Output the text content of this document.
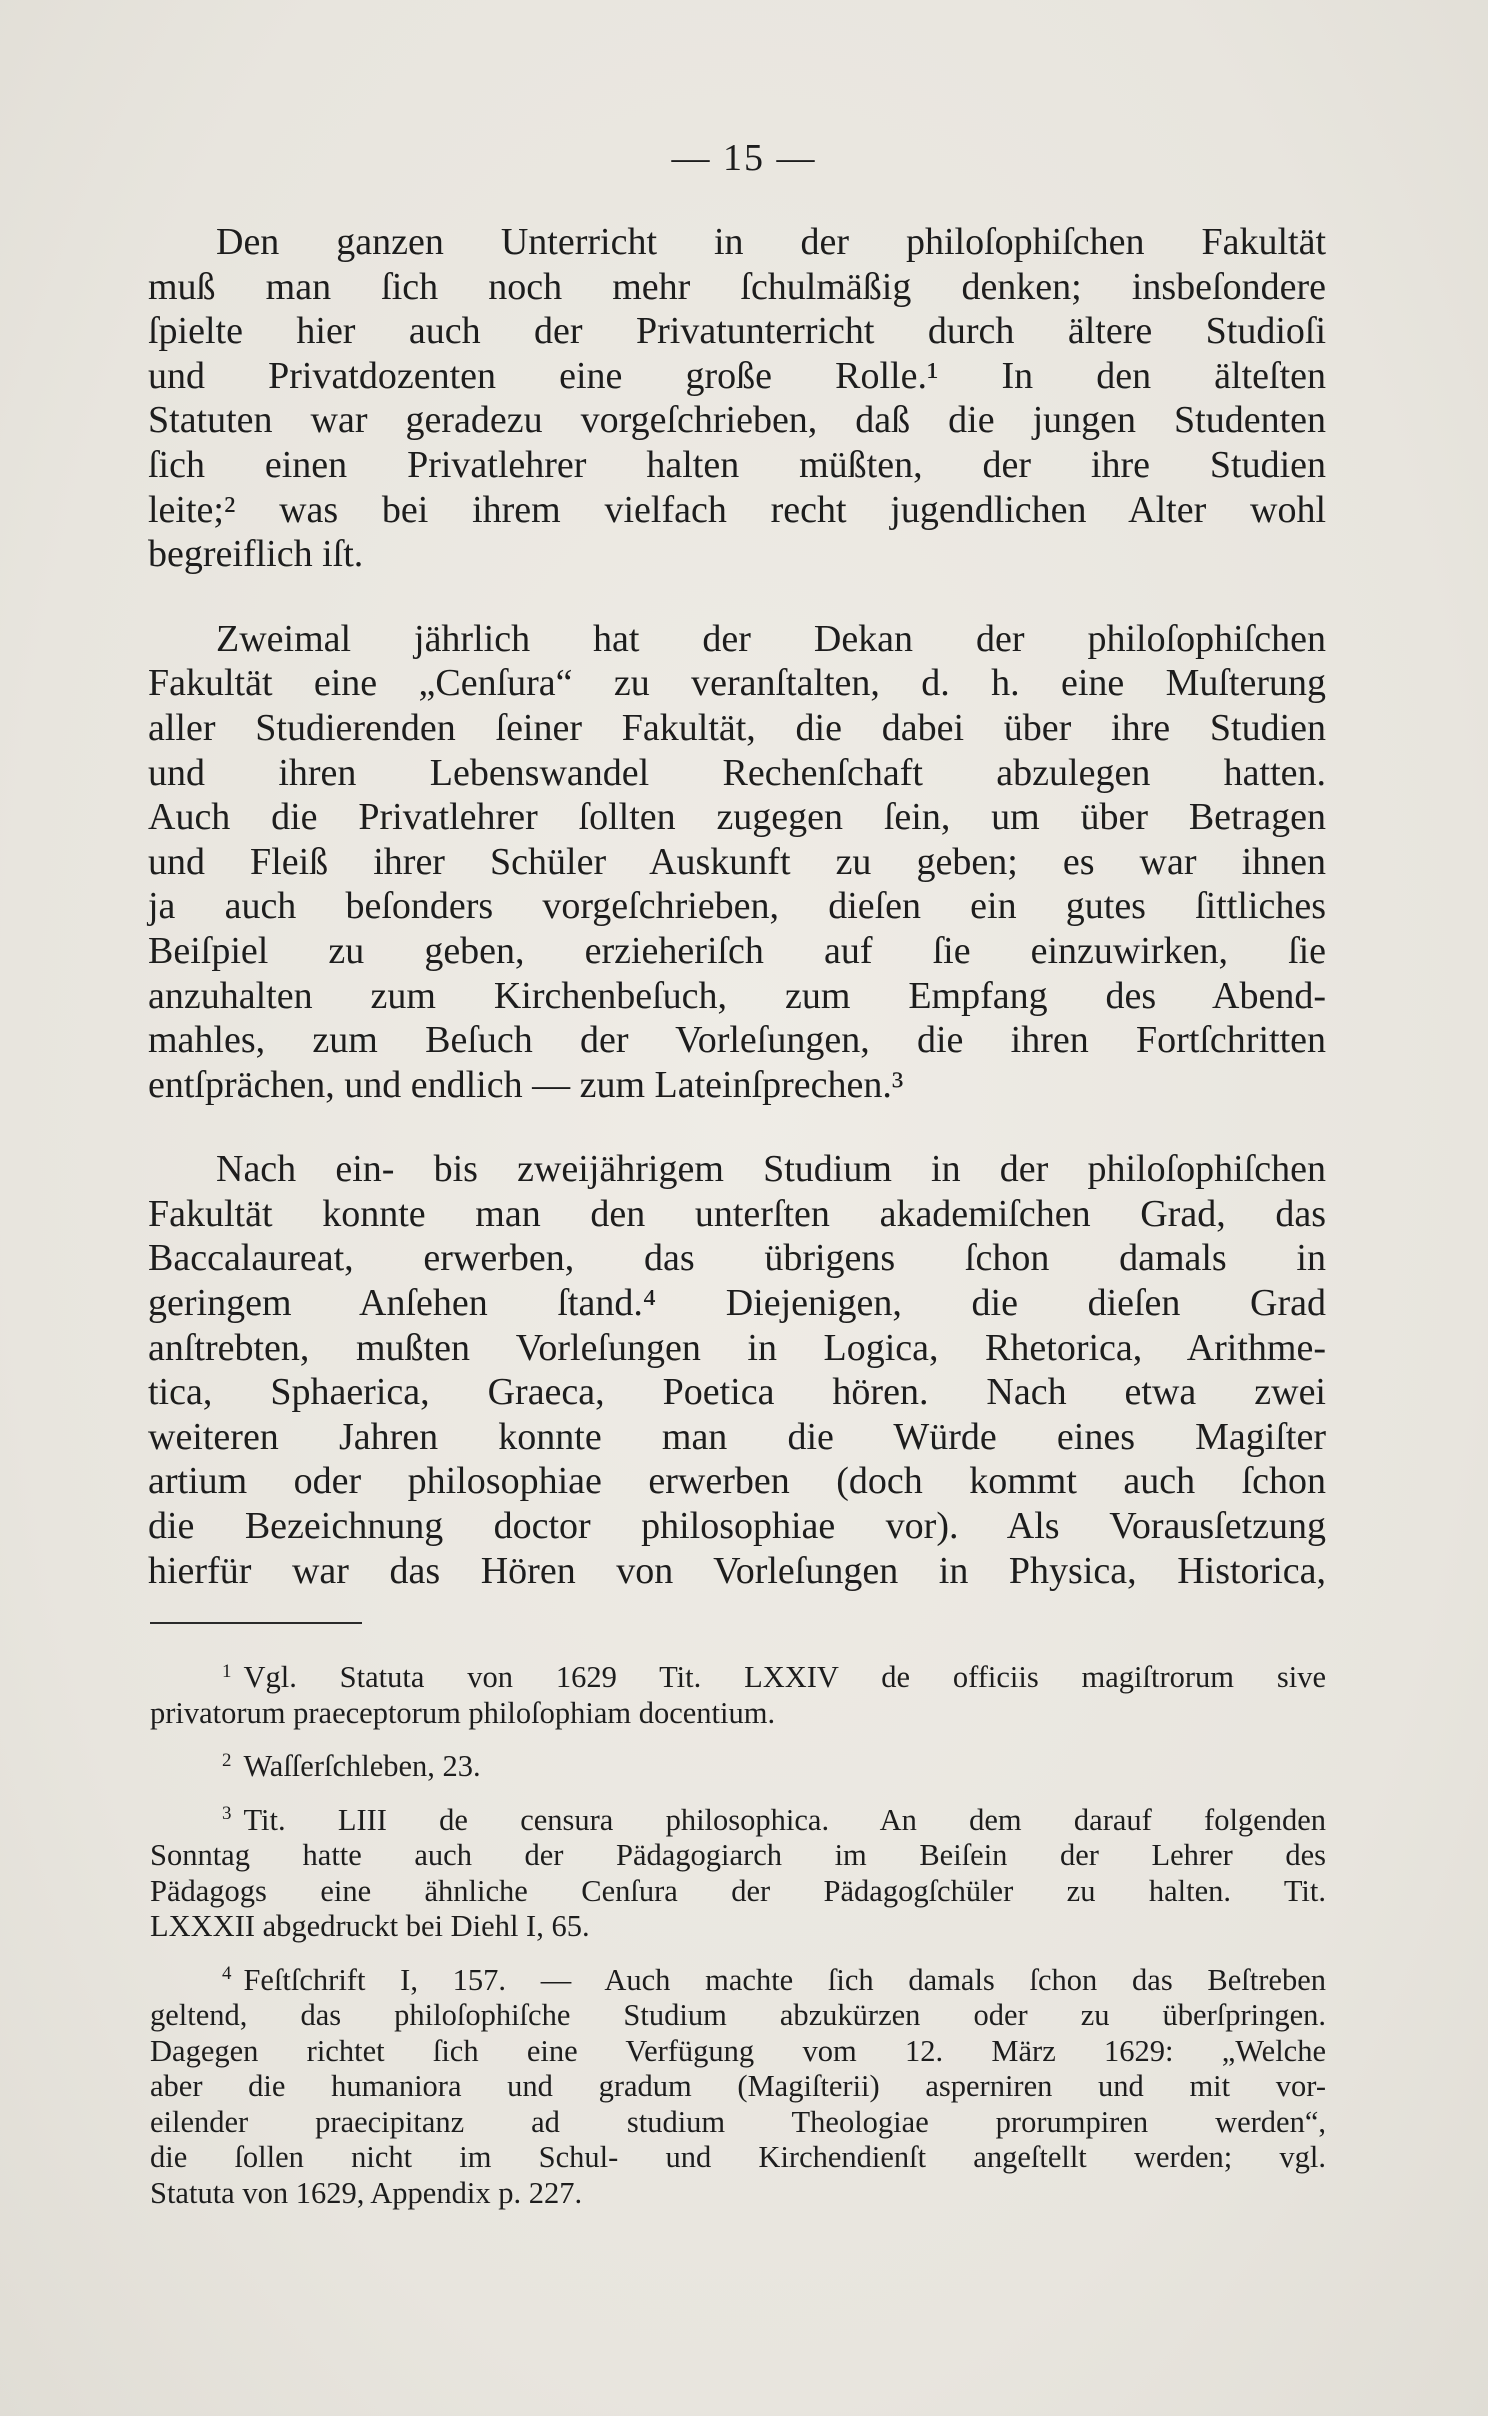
— 15 —

Den ganzen Unterricht in der philoſophiſchen Fakultät
muß man ſich noch mehr ſchulmäßig denken; insbeſondere
ſpielte hier auch der Privatunterricht durch ältere Studioſi
und Privatdozenten eine große Rolle.¹ In den älteſten
Statuten war geradezu vorgeſchrieben, daß die jungen Studenten
ſich einen Privatlehrer halten müßten, der ihre Studien
leite;² was bei ihrem vielfach recht jugendlichen Alter wohl
begreiflich iſt.

Zweimal jährlich hat der Dekan der philoſophiſchen
Fakultät eine „Cenſura“ zu veranſtalten, d. h. eine Muſterung
aller Studierenden ſeiner Fakultät, die dabei über ihre Studien
und ihren Lebenswandel Rechenſchaft abzulegen hatten.
Auch die Privatlehrer ſollten zugegen ſein, um über Betragen
und Fleiß ihrer Schüler Auskunft zu geben; es war ihnen
ja auch beſonders vorgeſchrieben, dieſen ein gutes ſittliches
Beiſpiel zu geben, erzieheriſch auf ſie einzuwirken, ſie
anzuhalten zum Kirchenbeſuch, zum Empfang des Abend-
mahles, zum Beſuch der Vorleſungen, die ihren Fortſchritten
entſprächen, und endlich — zum Lateinſprechen.³

Nach ein- bis zweijährigem Studium in der philoſophiſchen
Fakultät konnte man den unterſten akademiſchen Grad, das
Baccalaureat, erwerben, das übrigens ſchon damals in
geringem Anſehen ſtand.⁴ Diejenigen, die dieſen Grad
anſtrebten, mußten Vorleſungen in Logica, Rhetorica, Arithme-
tica, Sphaerica, Graeca, Poetica hören. Nach etwa zwei
weiteren Jahren konnte man die Würde eines Magiſter
artium oder philosophiae erwerben (doch kommt auch ſchon
die Bezeichnung doctor philosophiae vor). Als Vorausſetzung
hierfür war das Hören von Vorleſungen in Physica, Historica,

$^1$ Vgl. Statuta von 1629 Tit. LXXIV de officiis magiſtrorum sive
privatorum praeceptorum philoſophiam docentium.
$^2$ Waſſerſchleben, 23.
$^3$ Tit. LIII de censura philosophica. An dem darauf folgenden
Sonntag hatte auch der Pädagogiarch im Beiſein der Lehrer des
Pädagogs eine ähnliche Cenſura der Pädagogſchüler zu halten. Tit.
LXXXII abgedruckt bei Diehl I, 65.
$^4$ Feſtſchrift I, 157. — Auch machte ſich damals ſchon das Beſtreben
geltend, das philoſophiſche Studium abzukürzen oder zu überſpringen.
Dagegen richtet ſich eine Verfügung vom 12. März 1629: „Welche
aber die humaniora und gradum (Magiſterii) asperniren und mit vor-
eilender praecipitanz ad studium Theologiae prorumpiren werden“,
die ſollen nicht im Schul- und Kirchendienſt angeſtellt werden; vgl.
Statuta von 1629, Appendix p. 227.
